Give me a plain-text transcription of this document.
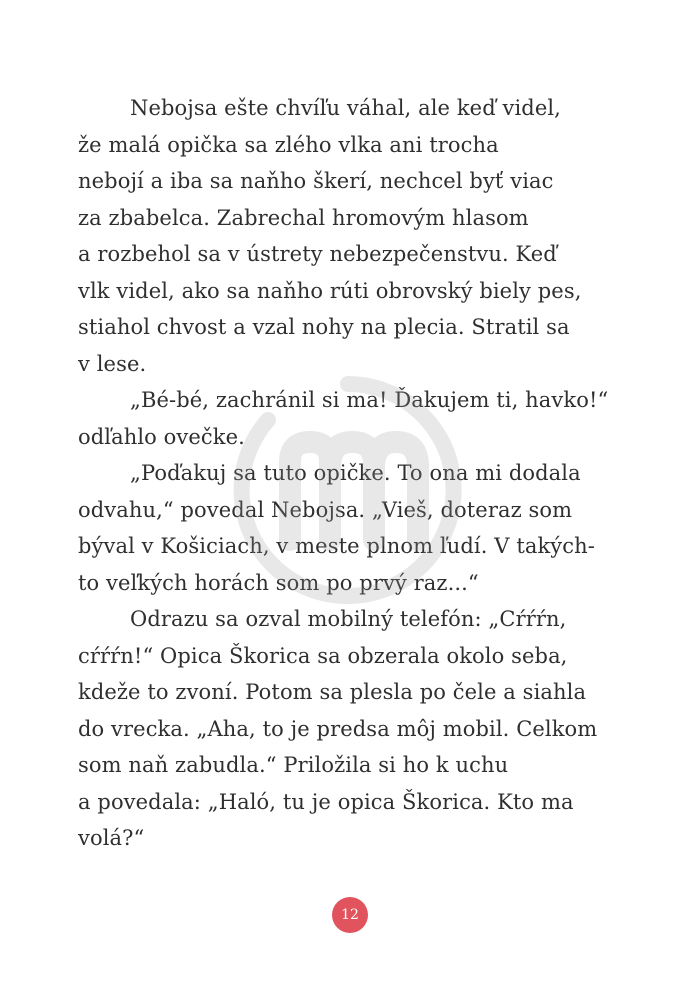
Nebojsa ešte chvíľu váhal, ale keď videl,
že malá opička sa zlého vlka ani trocha
nebojí a iba sa naňho škerí, nechcel byť viac
za zbabelca. Zabrechal hromovým hlasom
a rozbehol sa v ústrety nebezpečenstvu. Keď
vlk videl, ako sa naňho rúti obrovský biely pes,
stiahol chvost a vzal nohy na plecia. Stratil sa
v lese.
„Bé-bé, zachránil si ma! Ďakujem ti, havko!“
odľahlo ovečke.
„Poďakuj sa tuto opičke. To ona mi dodala
odvahu,“ povedal Nebojsa. „Vieš, doteraz som
býval v Košiciach, v meste plnom ľudí. V takých-
to veľkých horách som po prvý raz...“
Odrazu sa ozval mobilný telefón: „Cŕŕŕn,
cŕŕŕn!“ Opica Škorica sa obzerala okolo seba,
kdeže to zvoní. Potom sa plesla po čele a siahla
do vrecka. „Aha, to je predsa môj mobil. Celkom
som naň zabudla.“ Priložila si ho k uchu
a povedala: „Haló, tu je opica Škorica. Kto ma
volá?“
12
